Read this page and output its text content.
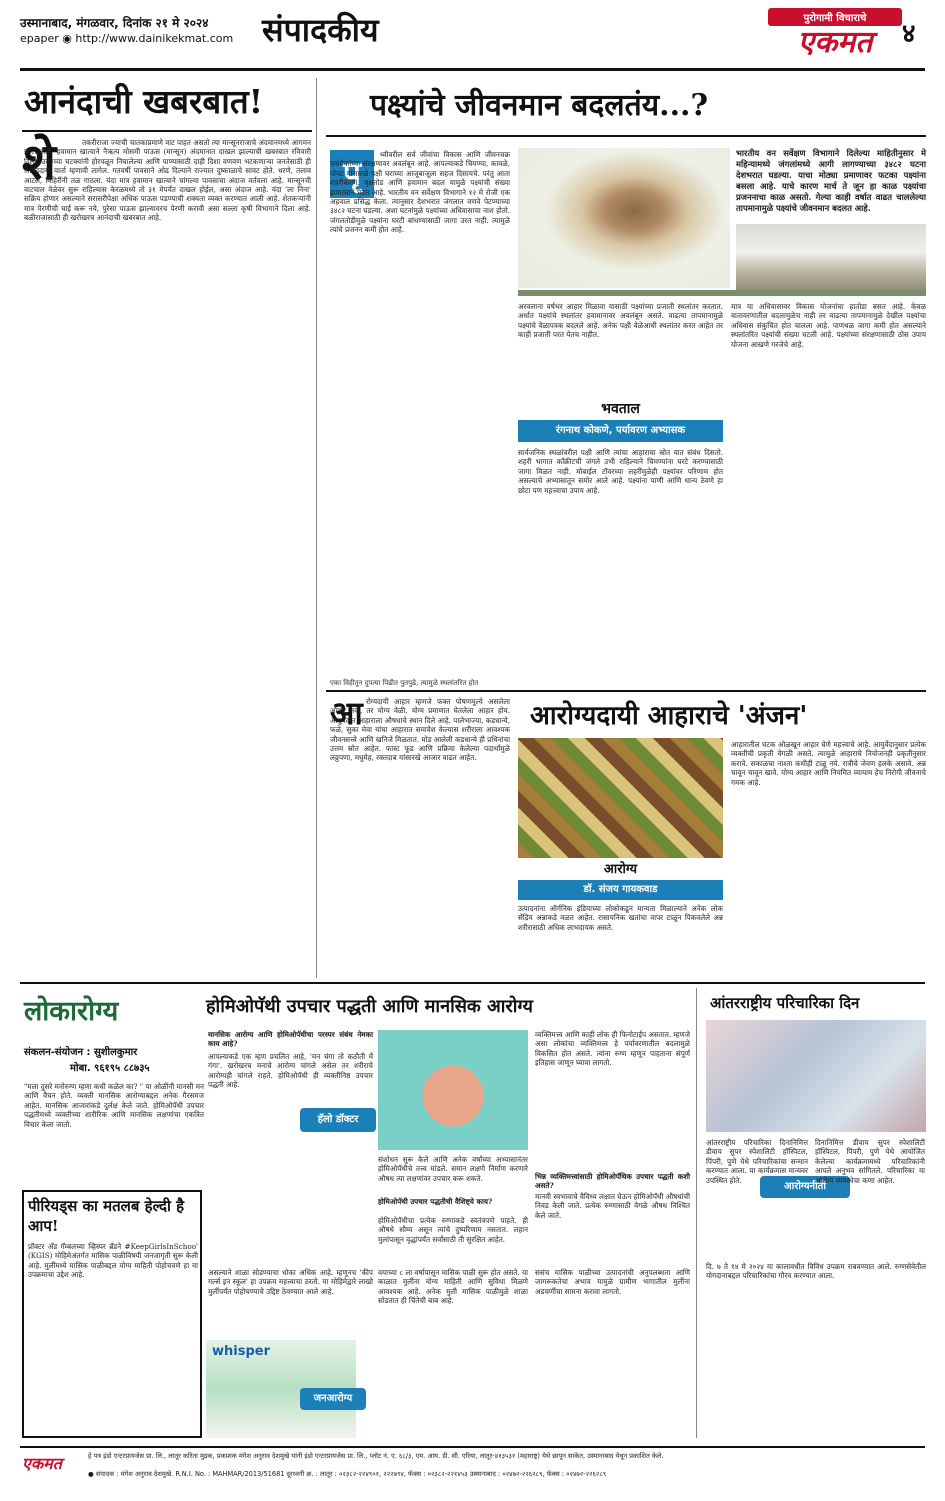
उस्मानाबाद, मंगळवार, दिनांक २१ मे २०२४
epaper ◉ http://www.dainikekmat.com संपादकीय	पुरोगामी विचाराचे
एकमत	४
आनंदाची खबरबात!
शे	तकरीराजा ज्याची चातकाप्रमाणे वाट पाहत असतो त्या मान्सूनराजाचे अंदमानमध्ये आगमन झाले आहे. हवामान खात्याने नैऋत्य मोसमी पाऊस (मान्सून) अंदमानात दाखल झाल्याची खबरबात रविवारी दिली. उन्हाच्या चटक्यांनी होरपळून निघालेल्या आणि पाण्यासाठी दाही दिशा वणवण भटकणाऱ्या जनतेसाठी ही आनंददायी वार्ता म्हणावी लागेल. गतवर्षी पावसाने ओढ दिल्याने राज्यात दुष्काळाचे सावट होते. धरणे, तलाव आटले, विहिरींनी तळ गाठला. यंदा मात्र हवामान खात्याने चांगल्या पावसाचा अंदाज वर्तवला आहे. मान्सूनची वाटचाल वेळेवर सुरू राहिल्यास केरळमध्ये तो ३१ मेपर्यंत दाखल होईल, असा अंदाज आहे. यंदा 'ला निना' सक्रिय होणार असल्याने सरासरीपेक्षा अधिक पाऊस पडण्याची शक्यता व्यक्त करण्यात आली आहे. शेतकऱ्यांनी मात्र पेरणीची घाई करू नये, पुरेसा पाऊस झाल्यावरच पेरणी करावी असा सल्ला कृषी विभागाने दिला आहे. बळीराजासाठी ही खरोखरच आनंदाची खबरबात आहे.
पक्ष्यांचे जीवनमान बदलतंय...?
पृ	थ्वीवरील सर्व जीवांचा विकास आणि जीवनचक्र एकमेकांच्या संरक्षणावर अवलंबून आहे. आपल्याकडे चिमण्या, कावळे, पोपट यांसारखे पक्षी घराच्या आजूबाजूला सहज दिसायचे. परंतु आता शहरीकरण, वृक्षतोड आणि हवामान बदल यामुळे पक्ष्यांची संख्या झपाट्याने घटत आहे. भारतीय वन सर्वेक्षण विभागाने १२ मे रोजी एक अहवाल प्रसिद्ध केला. त्यानुसार देशभरात जंगलात वणवे पेटण्याच्या ३४८२ घटना घडल्या. अशा घटनांमुळे पक्ष्यांच्या अधिवासाचा नाश होतो. जंगलतोडीमुळे पक्ष्यांना घरटी बांधण्यासाठी जागा उरत नाही. त्यामुळे त्यांचे प्रजनन कमी होत आहे.
भारतीय वन सर्वेक्षण विभागाने दिलेल्या माहितीनुसार मे महिन्यामध्ये जंगलांमध्ये आगी लागण्याच्या ३४८२ घटना देशभरात घडल्या. याचा मोठ्या प्रमाणावर फटका पक्ष्यांना बसला आहे. याचे कारण मार्च ते जून हा काळ पक्ष्यांचा प्रजननाचा काळ असतो. गेल्या काही वर्षात वाढत चाललेल्या तापमानामुळे पक्ष्यांचे जीवनमान बदलत आहे.
अरवलाना वर्षभर आहार मिळावा यासाठी पक्ष्यांच्या प्रजाती स्थलांतर करतात. अर्धात पक्ष्यांचे स्थलांतर हवामानावर अवलंबून असते. वाढत्या तापमानामुळे पक्ष्यांचे वेळापत्रक बदलले आहे. अनेक पक्षी वेळेआधी स्थलांतर करत आहेत तर काही प्रजाती परत येतच नाहीत.
मात्र या अधिवासावर विकास योजनांचा हातोडा बसत आहे. केवळ वातावरणातील बदलामुळेच नाही तर वाढत्या तापमानामुळे देखील पक्ष्यांचा अधिवास संकुचित होत चालला आहे. पाणथळ जागा कमी होत असल्याने स्थलांतरित पक्ष्यांची संख्या घटली आहे. पक्ष्यांच्या संरक्षणासाठी ठोस उपाय योजना आखणे गरजेचे आहे.
भवताल
रंगनाथ कोकणे, पर्यावरण अभ्यासक
सार्वजनिक स्थळांवरील पक्षी आणि त्यांचा आहाराचा स्रोत यात संबंध दिसतो. शहरी भागात काँक्रीटची जंगले उभी राहिल्याने चिमण्यांना घरटे करण्यासाठी जागा मिळत नाही. मोबाईल टॉवरच्या लहरींमुळेही पक्ष्यांवर परिणाम होत असल्याचे अभ्यासातून समोर आले आहे. पक्ष्यांना पाणी आणि धान्य ठेवणे हा छोटा पण महत्त्वाचा उपाय आहे.
एका विहीतून दुपत्या पिढीत पुतपुढे, त्यामुळे स्थलांतरित होत
आ रोग्यदायी आहार म्हणजे फक्त पोषणमूल्ये असलेला आहार नव्हे, तर योग्य वेळी, योग्य प्रमाणात घेतलेला आहार होय. आयुर्वेदात आहाराला औषधाचे स्थान दिले आहे. पालेभाज्या, कडधान्ये, फळे, सुका मेवा यांचा आहारात समावेश केल्यास शरीराला आवश्यक जीवनसत्त्वे आणि खनिजे मिळतात. मोड आलेली कडधान्ये ही प्रथिनांचा उत्तम स्रोत आहेत. फास्ट फूड आणि प्रक्रिया केलेल्या पदार्थांमुळे लठ्ठपणा, मधुमेह, रक्तदाब यांसारखे आजार वाढत आहेत.
आरोग्यदायी आहाराचे 'अंजन'
आरोग्य
डॉ. संजय गायकवाड
उत्पादनांना ऑर्गनिक इंडियाच्या लोकोकडून मान्यता मिळाल्याने अनेक लोक सेंद्रिय अन्नाकडे वळत आहेत. रासायनिक खतांचा वापर टाळून पिकवलेले अन्न शरीरासाठी अधिक लाभदायक असते.
आहारातील घटक ओळखून आहार घेणे महत्त्वाचे आहे. आयुर्वेदानुसार प्रत्येक व्यक्तीची प्रकृती वेगळी असते. त्यामुळे आहाराचे नियोजनही प्रकृतीनुसार करावे. सकाळचा नाश्ता कधीही टाळू नये. रात्रीचे जेवण हलके असावे. अन्न चावून चावून खावे. योग्य आहार आणि नियमित व्यायाम हेच निरोगी जीवनाचे गमक आहे.
लोकारोग्य	होमिओपॅथी उपचार पद्धती आणि मानसिक आरोग्य
संकलन-संयोजन : सुशीलकुमार
मोबा. ९६१९५ ८८७३५
"मला दुसरे मनोरुग्ण म्हणा कधी कळेल का? " या ओळींनी मानसी मन आणि वैचन होते. व्यक्ती मानसिक आरोग्याबद्दल अनेक गैरसमज आहेत. मानसिक आजारांकडे दुर्लक्ष केले जाते. होमिओपॅथी उपचार पद्धतीमध्ये व्यक्तीच्या शारीरिक आणि मानसिक लक्षणांचा एकत्रित विचार केला जातो.
मानसिक आरोग्य आणि होमिओपॅथीचा परस्पर संबंध नेमका काय आहे?
आपल्याकडे एक म्हण प्रचलित आहे, 'मन चंगा तो कठौती में गंगा'. खरोखरच मनाचे आरोग्य चांगले असेल तर शरीराचे आरोग्यही चांगले राहते. होमिओपॅथी ही व्यक्तीनिष्ठ उपचार पद्धती आहे.
हॅलो डॉक्टर
संशोधन सुरू केले आणि अनेक वर्षांच्या अभ्यासानंतर होमिओपॅथीचे तत्त्व मांडले. समान लक्षणे निर्माण करणारे औषध त्या लक्षणांवर उपचार करू शकते.
होमिओपॅथी उपचार पद्धतीची वैशिष्ट्ये काय?
होमिओपॅथीचा प्रत्येक रुग्णाकडे स्वतंत्रपणे पाहते. ही औषधे सौम्य असून त्यांचे दुष्परिणाम नसतात. लहान मुलांपासून वृद्धांपर्यंत सर्वांसाठी ती सुरक्षित आहेत.
व्यक्तिमत्त्व आणि काही लोक ही फिनोटाईप असतात. म्हणजे असा लोकांचा व्यक्तिमत्त्व हे पर्यावरणातील बदलामुळे विकसित होत असते. त्यांना रुग्ण म्हणून पाहताना संपूर्ण इतिहास जाणून घ्यावा लागतो.
भिन्न व्यक्तिमत्त्वांसाठी होमिओपॅथिक उपचार पद्धती कशी असते?
मानवी स्वभावाचे वैविध्य लक्षात घेऊन होमिओपॅथी औषधांची निवड केली जाते. प्रत्येक रुग्णासाठी वेगळे औषध निश्चित केले जाते.
आंतरराष्ट्रीय परिचारिका दिन
आंतरराष्ट्रीय परिचारिका दिनानिमित्त डीवाय सुपर स्पेशालिटी हॉस्पिटल, पिंपरी, पुणे येथे परिचारिकांचा सन्मान करण्यात आला. या कार्यक्रमास मान्यवर उपस्थित होते.
आरोग्यनीती
दिनानिमित्त डीवाय सुपर स्पेशालिटी हॉस्पिटल, पिंपरी, पुणे येथे आयोजित केलेल्या कार्यक्रमामध्ये परिचारिकांनी आपले अनुभव सांगितले. परिचारिका या आरोग्य व्यवस्थेचा कणा आहेत.
दि. ७ ते १४ मे २०२४ या कालावधीत विविध उपक्रम राबवण्यात आले. रुग्णसेवेतील योगदानाबद्दल परिचारिकांचा गौरव करण्यात आला.
पीरियड्स का मतलब हेल्दी है आप!
प्रॉक्टर अँड गॅम्बलच्या व्हिस्पर ब्रँडने #KeepGirlsInSchoo' (KGIS) मोहिमेअंतर्गत मासिक पाळीविषयी जनजागृती सुरू केली आहे. मुलींमध्ये मासिक पाळीबद्दल योग्य माहिती पोहोचवणे हा या उपक्रमाचा उद्देश आहे.
whisper
जनआरोग्य
वयाच्या ८ ला वर्षापासून मासिक पाळी सुरू होत असते. या काळात मुलींना योग्य माहिती आणि सुविधा मिळणे आवश्यक आहे. अनेक मुली मासिक पाळीमुळे शाळा सोडतात ही चिंतेची बाब आहे.
ससंच मासिक पाळीच्या उत्पादनांची अनुपलब्धता आणि जागरूकतेचा अभाव यामुळे ग्रामीण भागातील मुलींना अडचणींचा सामना करावा लागतो.
असल्याने शाळा सोडण्याचा धोका अधिक आहे. म्हणूनच 'कीप गर्ल्स इन स्कूल' हा उपक्रम महत्त्वाचा ठरतो. या मोहिमेद्वारे लाखो मुलींपर्यंत पोहोचण्याचे उद्दिष्ट ठेवण्यात आले आहे.
एकमत	हे पत्र इंडो एन्टरप्रायजेस प्रा. लि., लातूर करिता मुद्रक, प्रकाशक मंगेश अनुराव देशमुखे यांनी इंडो एन्टरप्रायजेस प्रा. लि., प्लॉट नं. ए. ६८/३, एम. आय. डी. सी. एरिया, लातूर-४१३५३१ (महाराष्ट्र) येथे छापून साकेत, उस्मानाबाद येथून प्रकाशित केले.
● संपादक : मंगेश अनुराव देशमुखे. R.N.I. No. : MAHMAR/2013/51681 दूरध्वनी क्र. : लातूर : ०२३८२-२२४९०१, २२२७९४, फॅक्स : ०२३८२-२२१४५३ उस्मानाबाद : ०२४७२-२२६२८९, फॅक्स : ०२४७२-२२६२८९
